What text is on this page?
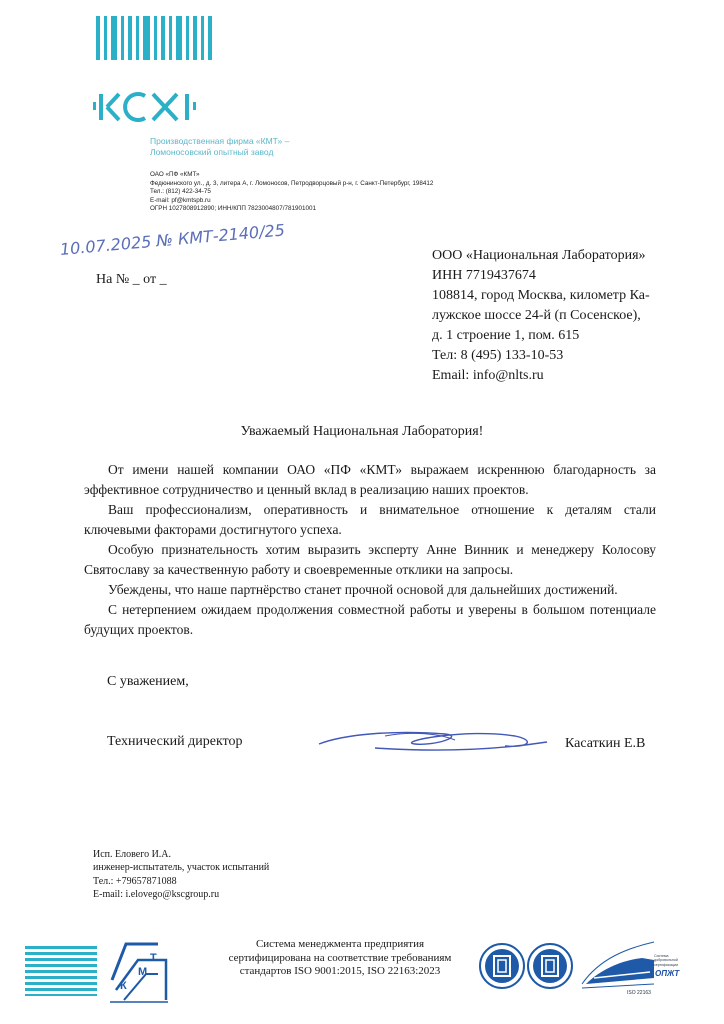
Производственная фирма «КМТ» –
Ломоносовский опытный завод
ОАО «ПФ «КМТ»
Федюнинского ул., д. 3, литера А, г. Ломоносов, Петродворцовый р-н, г. Санкт-Петербург, 198412
Тел.: (812) 422-34-75
E-mail: pf@kmtspb.ru
ОГРН 1027808912890; ИНН/КПП 7823004807/781901001
10.07.2025 № КМТ-2140/25
На № _ от _
ООО «Национальная Лаборатория»
ИНН 7719437674
108814, город Москва, километр Ка-
лужское шоссе 24-й (п Сосенское),
д. 1 строение 1, пом. 615
Тел: 8 (495) 133-10-53
Email: info@nlts.ru
Уважаемый Национальная Лаборатория!

От имени нашей компании ОАО «ПФ «КМТ» выражаем искреннюю благодарность за эффективное сотрудничество и ценный вклад в реализацию наших проектов.

Ваш профессионализм, оперативность и внимательное отношение к деталям стали ключевыми факторами достигнутого успеха.

Особую признательность хотим выразить эксперту Анне Винник и менеджеру Колосову Святославу за качественную работу и своевременные отклики на запросы.

Убеждены, что наше партнёрство станет прочной основой для дальнейших достижений.

С нетерпением ожидаем продолжения совместной работы и уверены в большом потенциале будущих проектов.

С уважением,
Технический директор	Касаткин Е.В
Исп. Еловего И.А.
инженер-испытатель, участок испытаний
Тел.: +79657871088
E-mail: i.elovego@kscgroup.ru
К
М
Т
Система менеджмента предприятия
сертифицирована на соответствие требованиям
стандартов ISO 9001:2015, ISO 22163:2023
Система
добровольной
сертификации
ОПЖТ
ISO 22163
